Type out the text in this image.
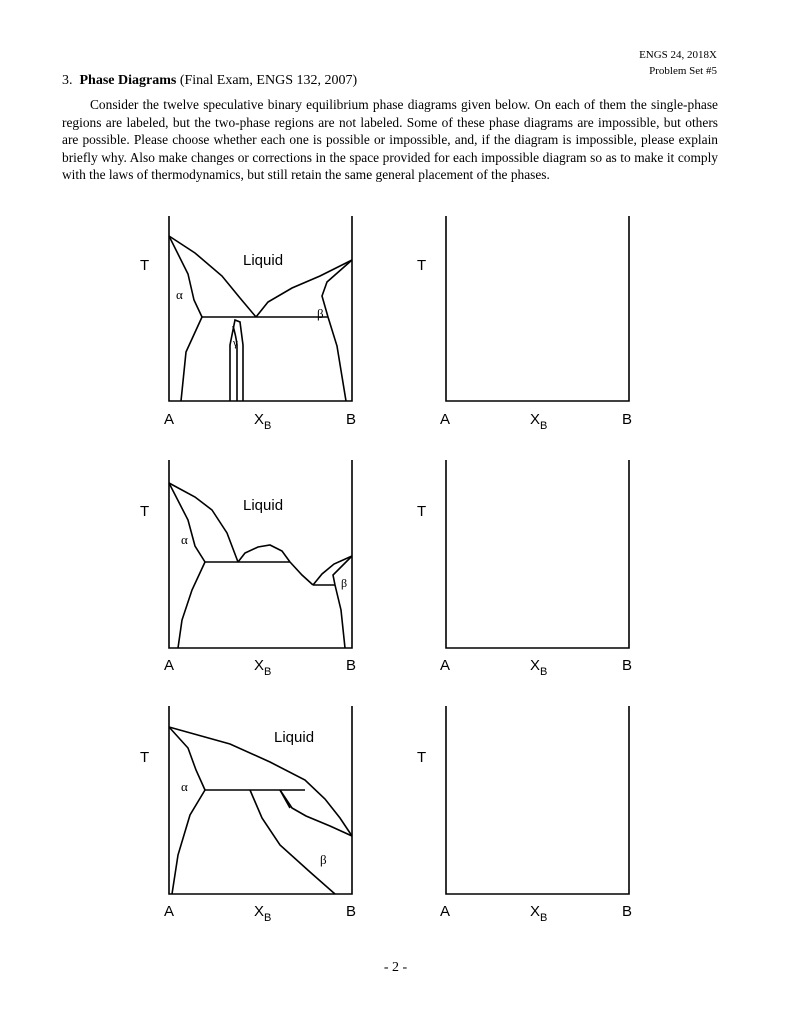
ENGS 24, 2018X
Problem Set #5
3. Phase Diagrams (Final Exam, ENGS 132, 2007)
Consider the twelve speculative binary equilibrium phase diagrams given below. On each of them the single-phase regions are labeled, but the two-phase regions are not labeled. Some of these phase diagrams are impossible, but others are possible. Please choose whether each one is possible or impossible, and, if the diagram is impossible, please explain briefly why. Also make changes or corrections in the space provided for each impossible diagram so as to make it comply with the laws of thermodynamics, but still retain the same general placement of the phases.
T	T
Liquid
A	$X_B$	B	A	$X_B$	B
T	T
Liquid
A	$X_B$	B	A	$X_B$	B
T	T
Liquid
A	$X_B$	B	A	$X_B$	B
α
β
γ
α
β
α
β
- 2 -
